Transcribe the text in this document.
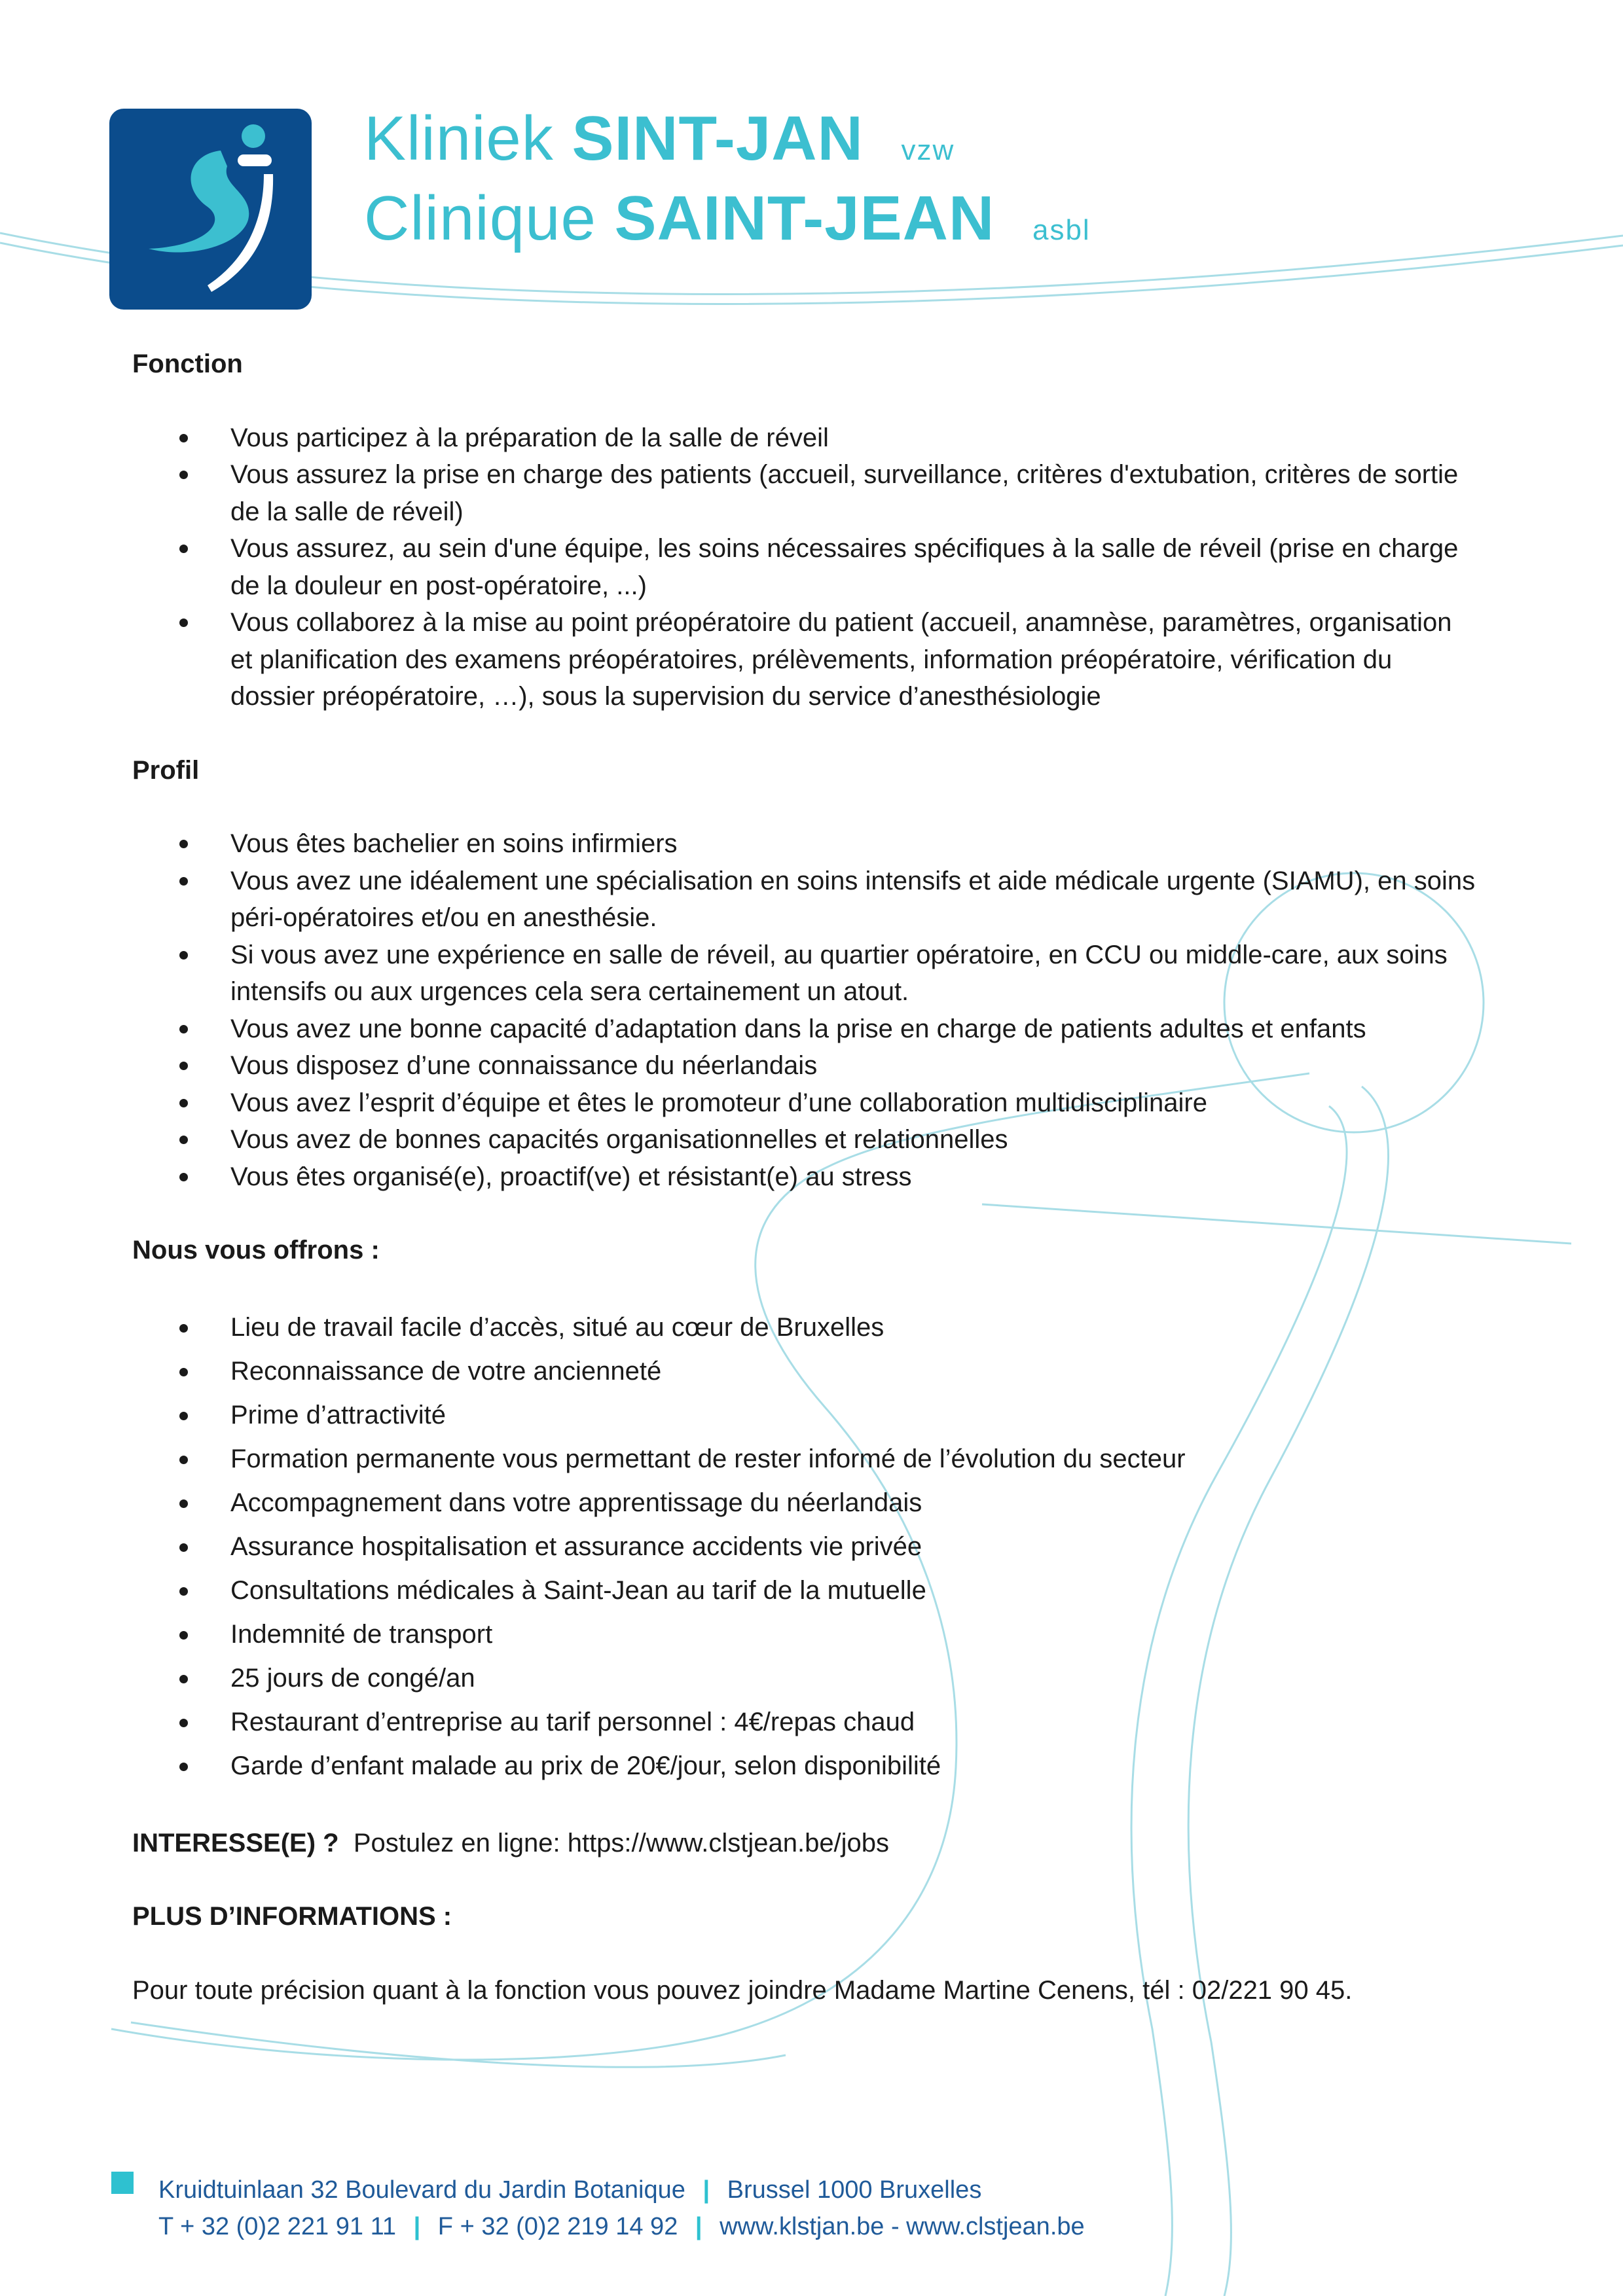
Kliniek SINT-JAN vzw
Clinique SAINT-JEAN asbl

Fonction

Vous participez à la préparation de la salle de réveil
Vous assurez la prise en charge des patients (accueil, surveillance, critères d'extubation, critères de sortie de la salle de réveil)
Vous assurez, au sein d'une équipe, les soins nécessaires spécifiques à la salle de réveil (prise en charge de la douleur en post-opératoire, ...)
Vous collaborez à la mise au point préopératoire du patient (accueil, anamnèse, paramètres, organisation et planification des examens préopératoires, prélèvements, information préopératoire, vérification du dossier préopératoire, …), sous la supervision du service d’anesthésiologie

Profil

Vous êtes bachelier en soins infirmiers
Vous avez une idéalement une spécialisation en soins intensifs et aide médicale urgente (SIAMU), en soins péri-opératoires et/ou en anesthésie.
Si vous avez une expérience en salle de réveil, au quartier opératoire, en CCU ou middle-care, aux soins intensifs ou aux urgences cela sera certainement un atout.
Vous avez une bonne capacité d’adaptation dans la prise en charge de patients adultes et enfants
Vous disposez d’une connaissance du néerlandais
Vous avez l’esprit d’équipe et êtes le promoteur d’une collaboration multidisciplinaire
Vous avez de bonnes capacités organisationnelles et relationnelles
Vous êtes organisé(e), proactif(ve) et résistant(e) au stress

Nous vous offrons :

Lieu de travail facile d’accès, situé au cœur de Bruxelles
Reconnaissance de votre ancienneté
Prime d’attractivité
Formation permanente vous permettant de rester informé de l’évolution du secteur
Accompagnement dans votre apprentissage du néerlandais
Assurance hospitalisation et assurance accidents vie privée
Consultations médicales à Saint-Jean au tarif de la mutuelle
Indemnité de transport
25 jours de congé/an
Restaurant d’entreprise au tarif personnel : 4€/repas chaud
Garde d’enfant malade au prix de 20€/jour, selon disponibilité

INTERESSE(E) ? Postulez en ligne: https://www.clstjean.be/jobs

PLUS D’INFORMATIONS :

Pour toute précision quant à la fonction vous pouvez joindre Madame Martine Cenens, tél : 02/221 90 45.

Kruidtuinlaan 32 Boulevard du Jardin Botanique | Brussel 1000 Bruxelles
T + 32 (0)2 221 91 11 | F + 32 (0)2 219 14 92 | www.klstjan.be - www.clstjean.be
